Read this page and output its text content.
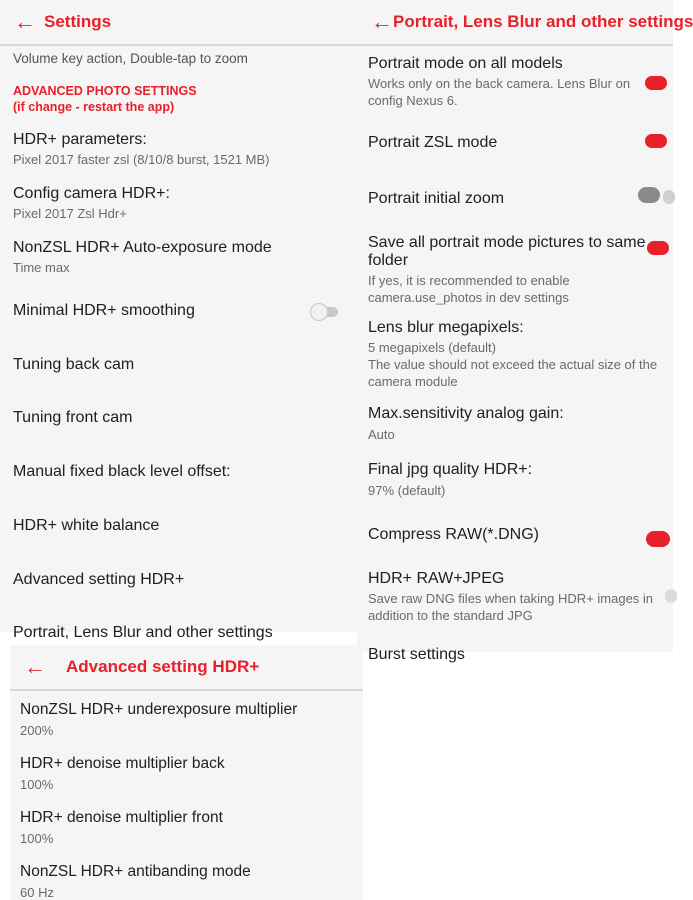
Volume key action, Double-tap to zoom
ADVANCED PHOTO SETTINGS
(if change - restart the app)
HDR+ parameters:
Pixel 2017 faster zsl (8/10/8 burst, 1521 MB)
Config camera HDR+:
Pixel 2017 Zsl Hdr+
NonZSL HDR+ Auto-exposure mode
Time max
Minimal HDR+ smoothing
Tuning back cam
Tuning front cam
Manual fixed black level offset:
HDR+ white balance
Advanced setting HDR+
Portrait, Lens Blur and other settings
← Settings
Portrait mode on all models
Works only on the back camera. Lens Blur on
config Nexus 6.
Portrait ZSL mode
Portrait initial zoom
Save all portrait mode pictures to same
folder
If yes, it is recommended to enable
camera.use_photos in dev settings
Lens blur megapixels:
5 megapixels (default)
The value should not exceed the actual size of the
camera module
Max.sensitivity analog gain:
Auto
Final jpg quality HDR+:
97% (default)
Compress RAW(*.DNG)
HDR+ RAW+JPEG
Save raw DNG files when taking HDR+ images in
addition to the standard JPG
Burst settings
← Portrait, Lens Blur and other settings
←	Advanced setting HDR+
NonZSL HDR+ underexposure multiplier
200%
HDR+ denoise multiplier back
100%
HDR+ denoise multiplier front
100%
NonZSL HDR+ antibanding mode
60 Hz
